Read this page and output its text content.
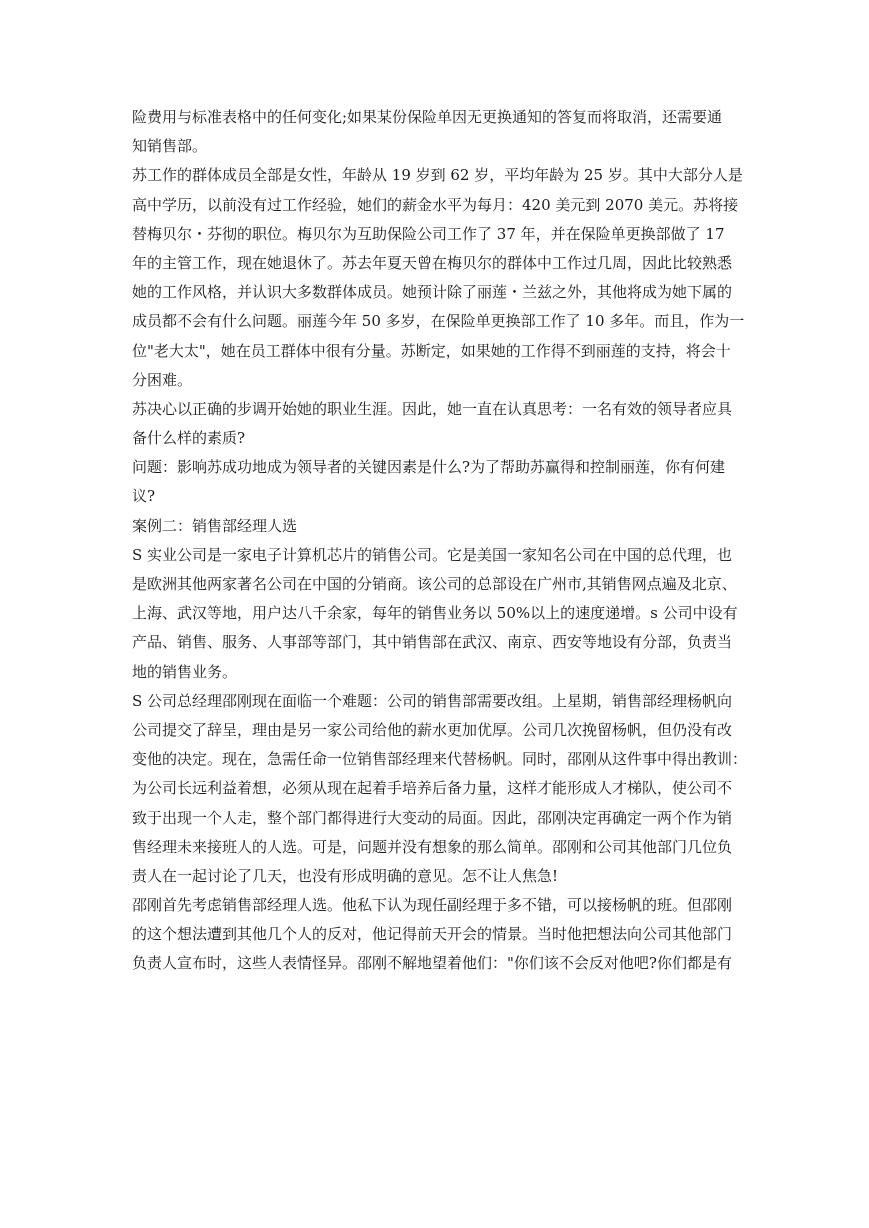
险费用与标准表格中的任何变化;如果某份保险单因无更换通知的答复而将取消，还需要通
知销售部。
苏工作的群体成员全部是女性，年龄从 19 岁到 62 岁，平均年龄为 25 岁。其中大部分人是
高中学历，以前没有过工作经验，她们的薪金水平为每月：420 美元到 2070 美元。苏将接
替梅贝尔・芬彻的职位。梅贝尔为互助保险公司工作了 37 年，并在保险单更换部做了 17
年的主管工作，现在她退休了。苏去年夏天曾在梅贝尔的群体中工作过几周，因此比较熟悉
她的工作风格，并认识大多数群体成员。她预计除了丽莲・兰兹之外，其他将成为她下属的
成员都不会有什么问题。丽莲今年 50 多岁，在保险单更换部工作了 10 多年。而且，作为一
位"老大太"，她在员工群体中很有分量。苏断定，如果她的工作得不到丽莲的支持，将会十
分困难。
苏决心以正确的步调开始她的职业生涯。因此，她一直在认真思考：一名有效的领导者应具
备什么样的素质?
问题：影响苏成功地成为领导者的关键因素是什么?为了帮助苏赢得和控制丽莲，你有何建
议?
案例二：销售部经理人选
S 实业公司是一家电子计算机芯片的销售公司。它是美国一家知名公司在中国的总代理，也
是欧洲其他两家著名公司在中国的分销商。该公司的总部设在广州市,其销售网点遍及北京、
上海、武汉等地，用户达八千余家，每年的销售业务以 50%以上的速度递增。s 公司中设有
产品、销售、服务、人事部等部门，其中销售部在武汉、南京、西安等地设有分部，负责当
地的销售业务。
S 公司总经理邵刚现在面临一个难题：公司的销售部需要改组。上星期，销售部经理杨帆向
公司提交了辞呈，理由是另一家公司给他的薪水更加优厚。公司几次挽留杨帆，但仍没有改
变他的决定。现在，急需任命一位销售部经理来代替杨帆。同时，邵刚从这件事中得出教训：
为公司长远利益着想，必须从现在起着手培养后备力量，这样才能形成人才梯队，使公司不
致于出现一个人走，整个部门都得进行大变动的局面。因此，邵刚决定再确定一两个作为销
售经理未来接班人的人选。可是，问题并没有想象的那么简单。邵刚和公司其他部门几位负
责人在一起讨论了几天，也没有形成明确的意见。怎不让人焦急!
邵刚首先考虑销售部经理人选。他私下认为现任副经理于多不错，可以接杨帆的班。但邵刚
的这个想法遭到其他几个人的反对，他记得前天开会的情景。当时他把想法向公司其他部门
负责人宣布时，这些人表情怪异。邵刚不解地望着他们："你们该不会反对他吧?你们都是有
